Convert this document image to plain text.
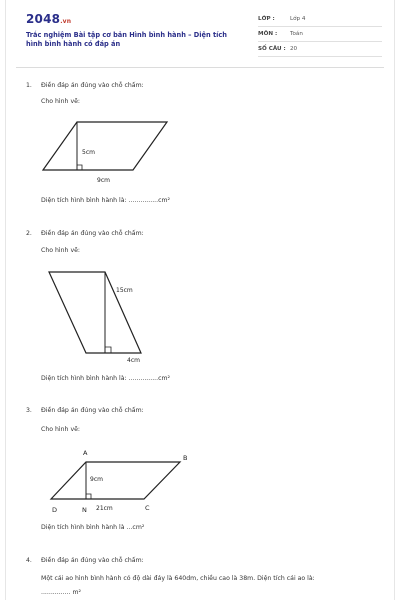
2048.vn
Trắc nghiệm Bài tập cơ bản Hình bình hành – Diện tích hình bình hành có đáp án
LỚP :	Lớp 4
MÔN : Toán
SỐ CÂU : 20
1. Điền đáp án đúng vào chỗ chấm:
Cho hình vẽ:
5cm
9cm
Diện tích hình bình hành là: ...............cm²
2. Điền đáp án đúng vào chỗ chấm:
Cho hình vẽ:
15cm
4cm
Diện tích hình bình hành là: ...............cm²
3. Điền đáp án đúng vào chỗ chấm:
Cho hình vẽ:
A
B
C
D	N
9cm
21cm
Diện tích hình bình hành là ...cm²
4. Điền đáp án đúng vào chỗ chấm:
Một cái ao hình bình hành có độ dài đáy là 640dm, chiều cao là 38m. Diện tích cái ao là:
............... m²
